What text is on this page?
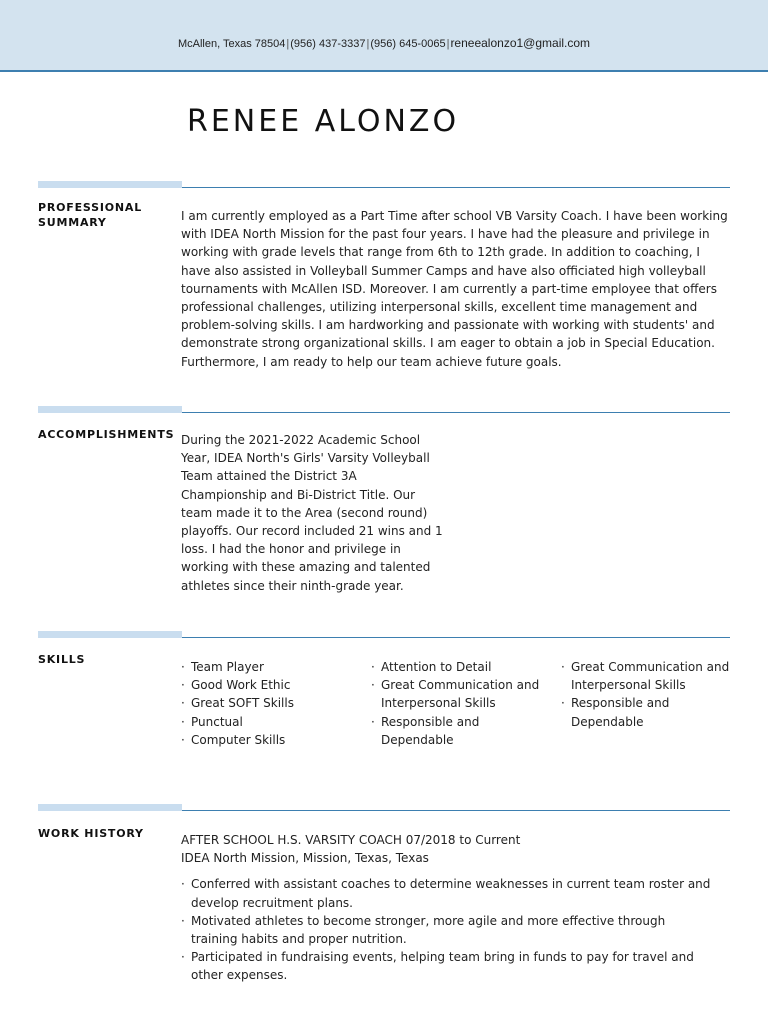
McAllen, Texas 78504|(956) 437-3337|(956) 645-0065|reneealonzo1@gmail.com
RENEE ALONZO
PROFESSIONAL SUMMARY	I am currently employed as a Part Time after school VB Varsity Coach. I have been working with IDEA North Mission for the past four years. I have had the pleasure and privilege in working with grade levels that range from 6th to 12th grade. In addition to coaching, I have also assisted in Volleyball Summer Camps and have also officiated high volleyball tournaments with McAllen ISD. Moreover. I am currently a part-time employee that offers professional challenges, utilizing interpersonal skills, excellent time management and problem-solving skills. I am hardworking and passionate with working with students' and demonstrate strong organizational skills. I am eager to obtain a job in Special Education. Furthermore, I am ready to help our team achieve future goals.
ACCOMPLISHMENTS During the 2021-2022 Academic School Year, IDEA North's Girls' Varsity Volleyball Team attained the District 3A Championship and Bi-District Title. Our team made it to the Area (second round) playoffs. Our record included 21 wins and 1 loss. I had the honor and privilege in working with these amazing and talented athletes since their ninth-grade year.
SKILLS
· Team Player
· Good Work Ethic
· Great SOFT Skills
· Punctual
· Computer Skills
· Attention to Detail
· Great Communication and Interpersonal Skills
· Responsible and Dependable
· Great Communication and Interpersonal Skills
· Responsible and Dependable
WORK HISTORY	AFTER SCHOOL H.S. VARSITY COACH 07/2018 to Current
IDEA North Mission, Mission, Texas, Texas
· Conferred with assistant coaches to determine weaknesses in current team roster and develop recruitment plans.
· Motivated athletes to become stronger, more agile and more effective through training habits and proper nutrition.
· Participated in fundraising events, helping team bring in funds to pay for travel and other expenses.
